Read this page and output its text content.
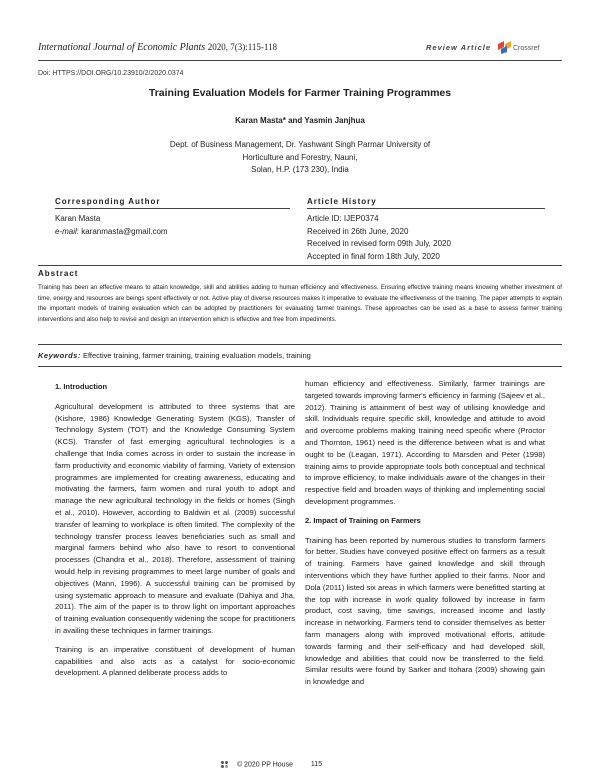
International Journal of Economic Plants 2020, 7(3):115-118	Review Article	Crossref
Doi: HTTPS://DOI.ORG/10.23910/2/2020.0374
Training Evaluation Models for Farmer Training Programmes
Karan Masta* and Yasmin Janjhua
Dept. of Business Management, Dr. Yashwant Singh Parmar University of Horticulture and Forestry, Nauni,
Solan, H.P. (173 230), India
Corresponding Author
Karan Masta
e-mail: karanmasta@gmail.com
Article History
Article ID: IJEP0374
Received in 26th June, 2020
Received in revised form 09th July, 2020
Accepted in final form 18th July, 2020
Abstract
Training has been an effective means to attain knowledge, skill and abilities adding to human efficiency and effectiveness. Ensuring effective training means knowing whether investment of time, energy and resources are beings spent effectively or not. Active play of diverse resources makes it imperative to evaluate the effectiveness of the training. The paper attempts to explain the important models of training evaluation which can be adopted by practitioners for evaluating farmer trainings. These approaches can be used as a base to assess farmer training interventions and also help to revise and design an intervention which is effective and free from impediments.
Keywords: Effective training, farmer training, training evaluation models, training
1. Introduction

Agricultural development is attributed to three systems that are (Kishore, 1986) Knowledge Generating System (KGS), Transfer of Technology System (TOT) and the Knowledge Consuming System (KCS). Transfer of fast emerging agricultural technologies is a challenge that India comes across in order to sustain the increase in farm productivity and economic viability of farming. Variety of extension programmes are implemented for creating awareness, educating and motivating the farmers, farm women and rural youth to adopt and manage the new agricultural technology in the fields or homes (Singh et al., 2010). However, according to Baldwin et al. (2009) successful transfer of learning to workplace is often limited. The complexity of the technology transfer process leaves beneficiaries such as small and marginal farmers behind who also have to resort to conventional processes (Chandra et al., 2018). Therefore, assessment of training would help in revising programmes to meet large number of goals and objectives (Mann, 1996). A successful training can be promised by using systematic approach to measure and evaluate (Dahiya and Jha, 2011). The aim of the paper is to throw light on important approaches of training evaluation consequently widening the scope for practitioners in availing these techniques in farmer trainings.

Training is an imperative constituent of development of human capabilities and also acts as a catalyst for socio-economic development. A planned deliberate process adds to

human efficiency and effectiveness. Similarly, farmer trainings are targeted towards improving farmer's efficiency in farming (Sajeev et al., 2012). Training is attainment of best way of utilising knowledge and skill. Individuals require specific skill, knowledge and attitude to avoid and overcome problems making training need specific where (Proctor and Thornton, 1961) need is the difference between what is and what ought to be (Leagan, 1971). According to Marsden and Peter (1998) training aims to provide appropriate tools both conceptual and technical to improve efficiency, to make individuals aware of the changes in their respective field and broaden ways of thinking and implementing social development programmes.

2. Impact of Training on Farmers

Training has been reported by numerous studies to transform farmers for better. Studies have conveyed positive effect on farmers as a result of training. Farmers have gained knowledge and skill through interventions which they have further applied to their farms. Noor and Dola (2011) listed six areas in which farmers were benefitted starting at the top with increase in work quality followed by increase in farm product, cost saving, time savings, increased income and lastly increase in networking. Farmers tend to consider themselves as better farm managers along with improved motivational efforts, attitude towards farming and their self-efficacy and had developed skill, knowledge and abilities that could now be transferred to the field. Similar results were found by Sarker and Itohara (2009) showing gain in knowledge and

© 2020 PP House	115
